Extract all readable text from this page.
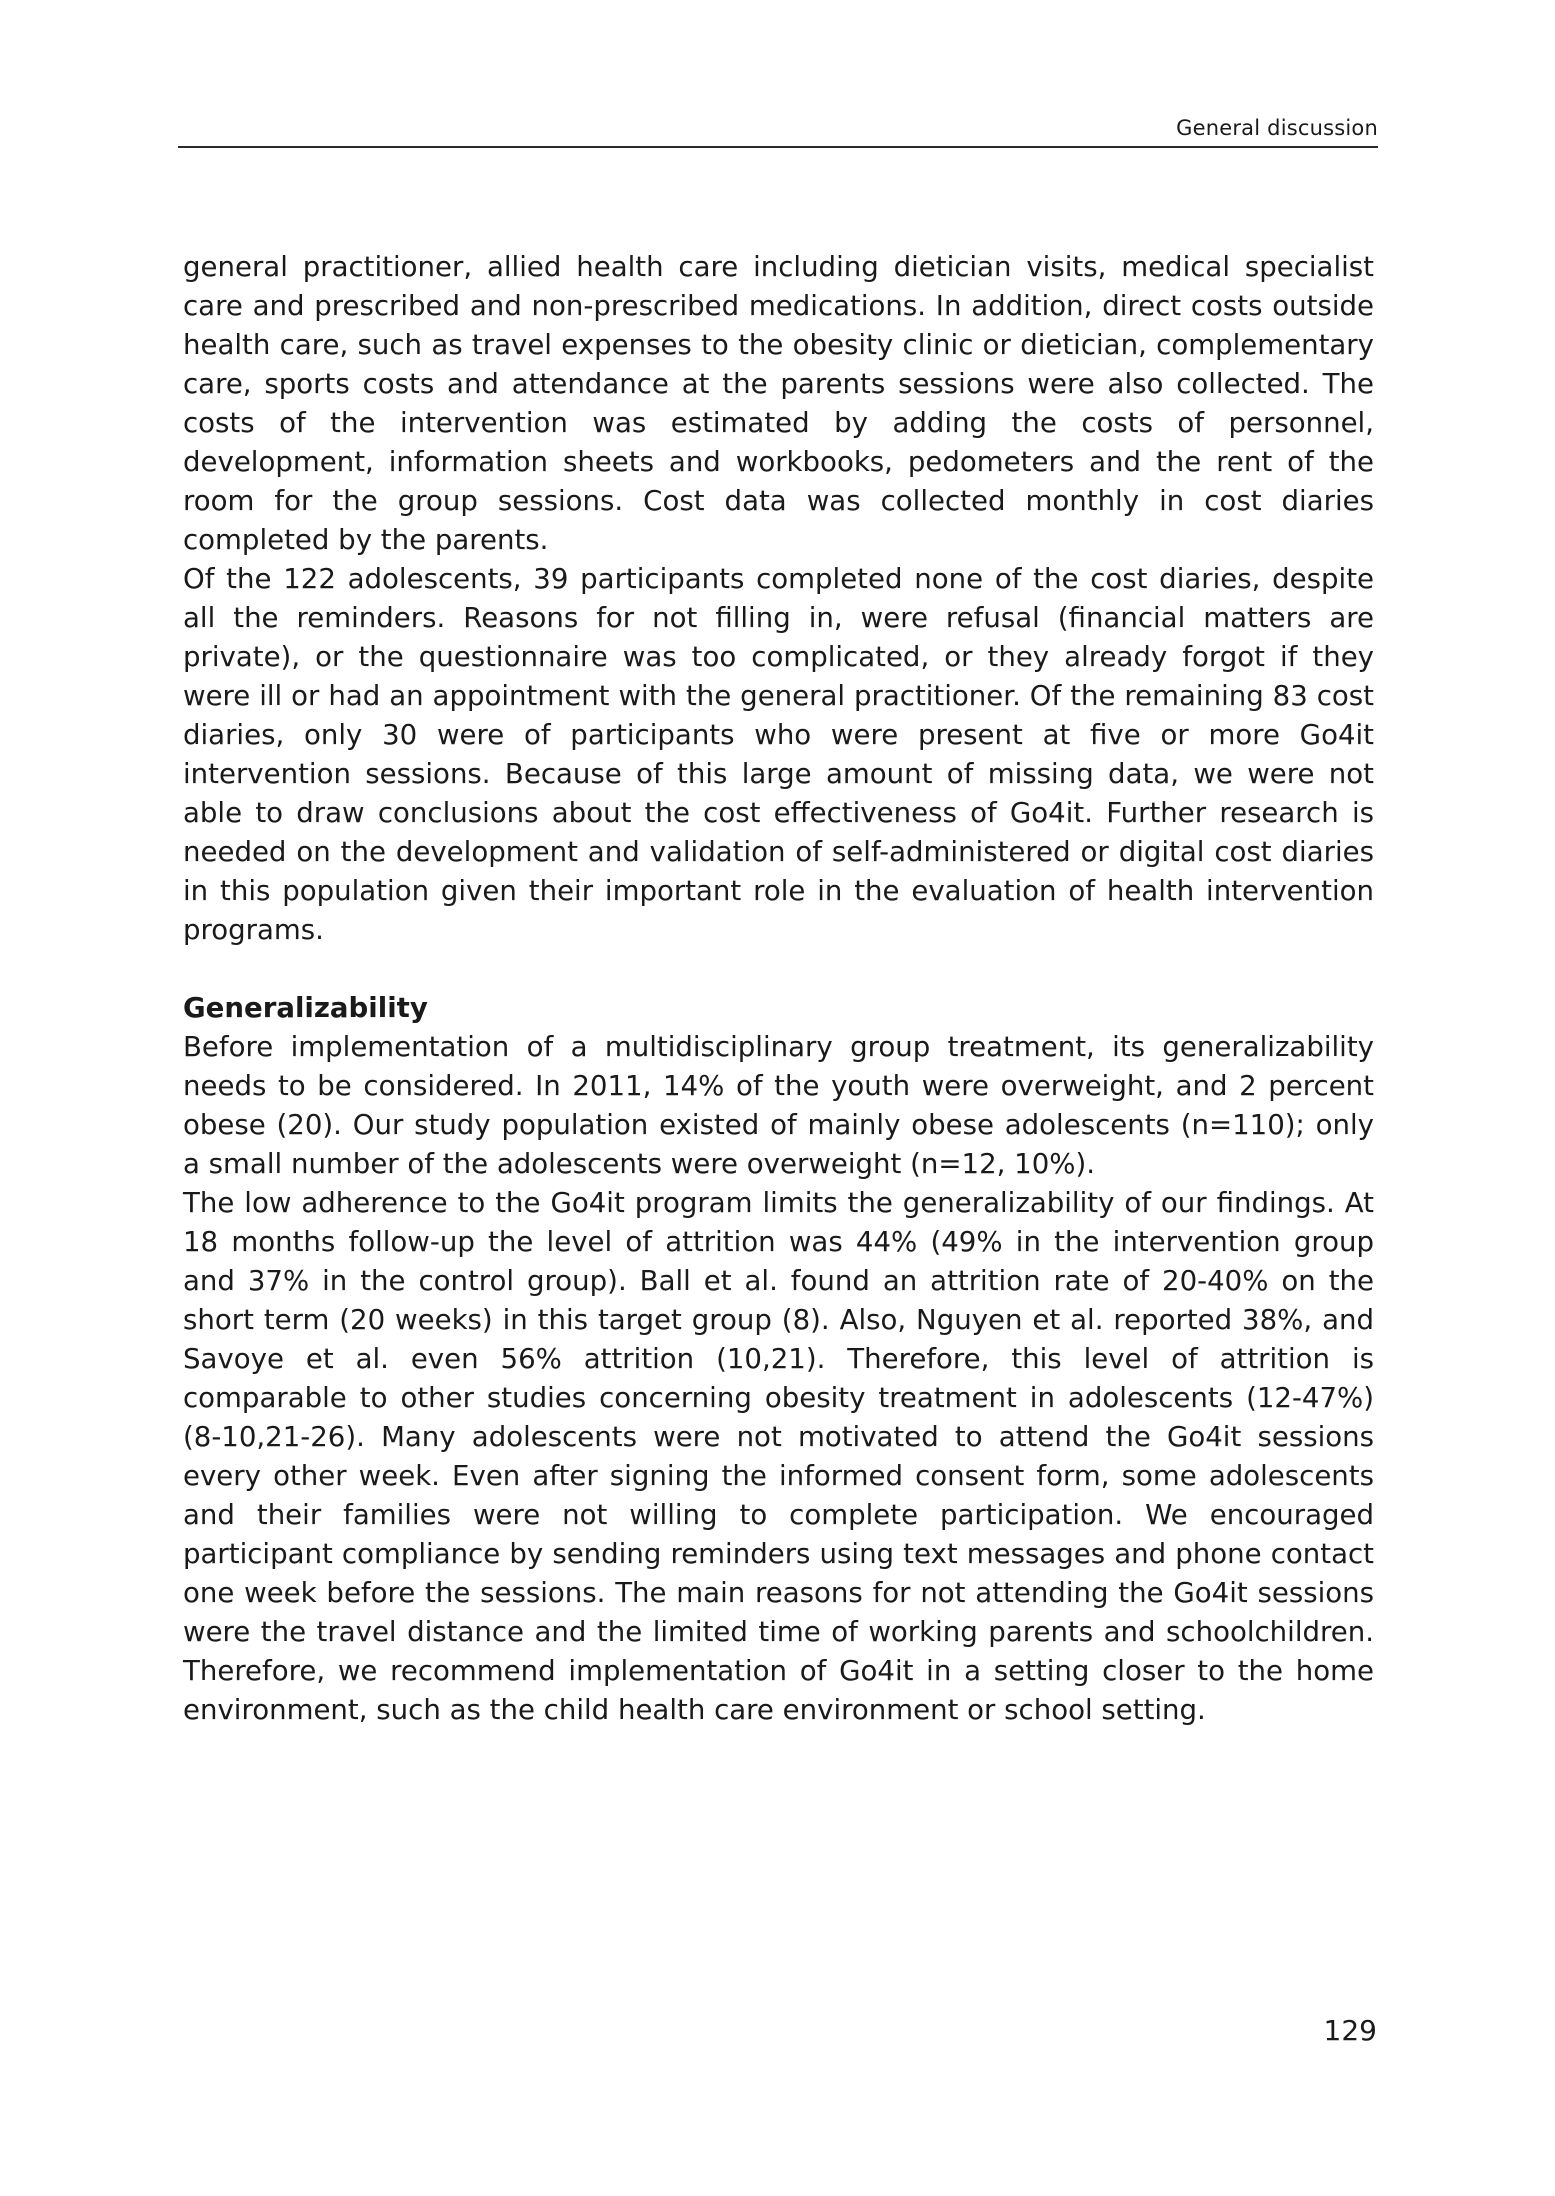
General discussion

general practitioner, allied health care including dietician visits, medical specialist care and prescribed and non-prescribed medications. In addition, direct costs outside health care, such as travel expenses to the obesity clinic or dietician, complementary care, sports costs and attendance at the parents sessions were also collected. The costs of the intervention was estimated by adding the costs of personnel, development, information sheets and workbooks, pedometers and the rent of the room for the group sessions. Cost data was collected monthly in cost diaries completed by the parents.

Of the 122 adolescents, 39 participants completed none of the cost diaries, despite all the reminders. Reasons for not filling in, were refusal (financial matters are private), or the questionnaire was too complicated, or they already forgot if they were ill or had an appointment with the general practitioner. Of the remaining 83 cost diaries, only 30 were of participants who were present at five or more Go4it intervention sessions. Because of this large amount of missing data, we were not able to draw conclusions about the cost effectiveness of Go4it. Further research is needed on the development and validation of self-administered or digital cost diaries in this population given their important role in the evaluation of health intervention programs.

Generalizability

Before implementation of a multidisciplinary group treatment, its generalizability needs to be considered. In 2011, 14% of the youth were overweight, and 2 percent obese (20). Our study population existed of mainly obese adolescents (n=110); only a small number of the adolescents were overweight (n=12, 10%).

The low adherence to the Go4it program limits the generalizability of our findings. At 18 months follow-up the level of attrition was 44% (49% in the intervention group and 37% in the control group). Ball et al. found an attrition rate of 20-40% on the short term (20 weeks) in this target group (8). Also, Nguyen et al. reported 38%, and Savoye et al. even 56% attrition (10,21). Therefore, this level of attrition is comparable to other studies concerning obesity treatment in adolescents (12-47%) (8-10,21-26). Many adolescents were not motivated to attend the Go4it sessions every other week. Even after signing the informed consent form, some adolescents and their families were not willing to complete participation. We encouraged participant compliance by sending reminders using text messages and phone contact one week before the sessions. The main reasons for not attending the Go4it sessions were the travel distance and the limited time of working parents and schoolchildren. Therefore, we recommend implementation of Go4it in a setting closer to the home environment, such as the child health care environment or school setting.

129
